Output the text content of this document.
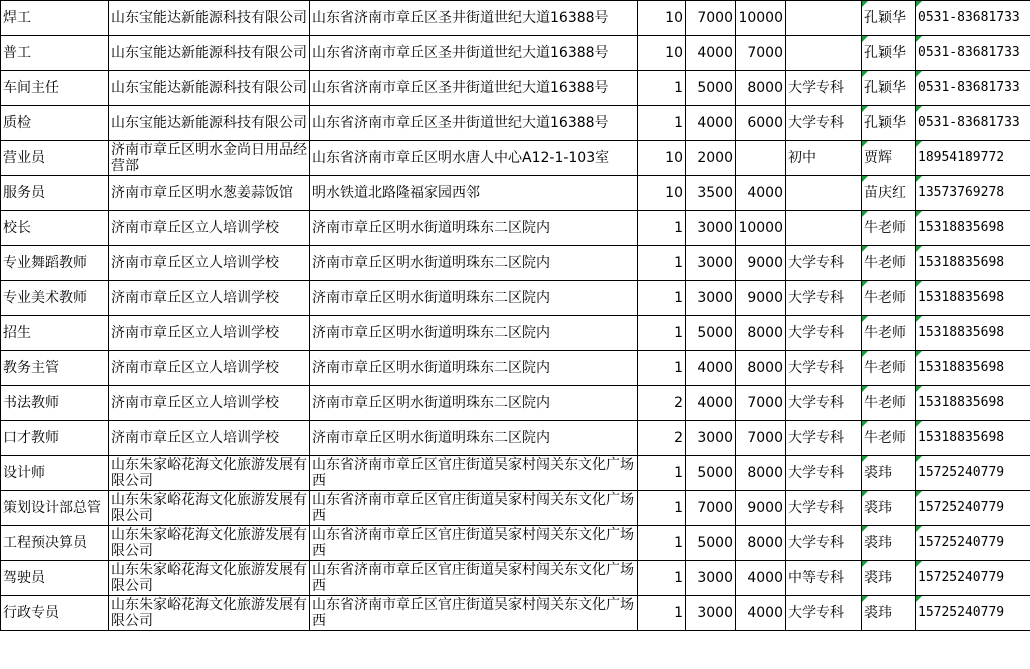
焊工	山东宝能达新能源科技有限公司	山东省济南市章丘区圣井街道世纪大道16388号	10	7000	10000		孔颖华	0531-83681733
普工	山东宝能达新能源科技有限公司	山东省济南市章丘区圣井街道世纪大道16388号	10	4000	7000		孔颖华	0531-83681733
车间主任	山东宝能达新能源科技有限公司	山东省济南市章丘区圣井街道世纪大道16388号	1	5000	8000	大学专科	孔颖华	0531-83681733
质检	山东宝能达新能源科技有限公司	山东省济南市章丘区圣井街道世纪大道16388号	1	4000	6000	大学专科	孔颖华	0531-83681733
营业员	济南市章丘区明水金尚日用品经营部	山东省济南市章丘区明水唐人中心A12-1-103室	10	2000		初中	贾辉	18954189772
服务员	济南市章丘区明水葱姜蒜饭馆	明水铁道北路隆福家园西邻	10	3500	4000		苗庆红	13573769278
校长	济南市章丘区立人培训学校	济南市章丘区明水街道明珠东二区院内	1	3000	10000		牛老师	15318835698
专业舞蹈教师	济南市章丘区立人培训学校	济南市章丘区明水街道明珠东二区院内	1	3000	9000	大学专科	牛老师	15318835698
专业美术教师	济南市章丘区立人培训学校	济南市章丘区明水街道明珠东二区院内	1	3000	9000	大学专科	牛老师	15318835698
招生	济南市章丘区立人培训学校	济南市章丘区明水街道明珠东二区院内	1	5000	8000	大学专科	牛老师	15318835698
教务主管	济南市章丘区立人培训学校	济南市章丘区明水街道明珠东二区院内	1	4000	8000	大学专科	牛老师	15318835698
书法教师	济南市章丘区立人培训学校	济南市章丘区明水街道明珠东二区院内	2	4000	7000	大学专科	牛老师	15318835698
口才教师	济南市章丘区立人培训学校	济南市章丘区明水街道明珠东二区院内	2	3000	7000	大学专科	牛老师	15318835698
设计师	山东朱家峪花海文化旅游发展有限公司	山东省济南市章丘区官庄街道吴家村闯关东文化广场西	1	5000	8000	大学专科	裘玮	15725240779
策划设计部总管	山东朱家峪花海文化旅游发展有限公司	山东省济南市章丘区官庄街道吴家村闯关东文化广场西	1	7000	9000	大学专科	裘玮	15725240779
工程预决算员	山东朱家峪花海文化旅游发展有限公司	山东省济南市章丘区官庄街道吴家村闯关东文化广场西	1	5000	8000	大学专科	裘玮	15725240779
驾驶员	山东朱家峪花海文化旅游发展有限公司	山东省济南市章丘区官庄街道吴家村闯关东文化广场西	1	3000	4000	中等专科	裘玮	15725240779
行政专员	山东朱家峪花海文化旅游发展有限公司	山东省济南市章丘区官庄街道吴家村闯关东文化广场西	1	3000	4000	大学专科	裘玮	15725240779
